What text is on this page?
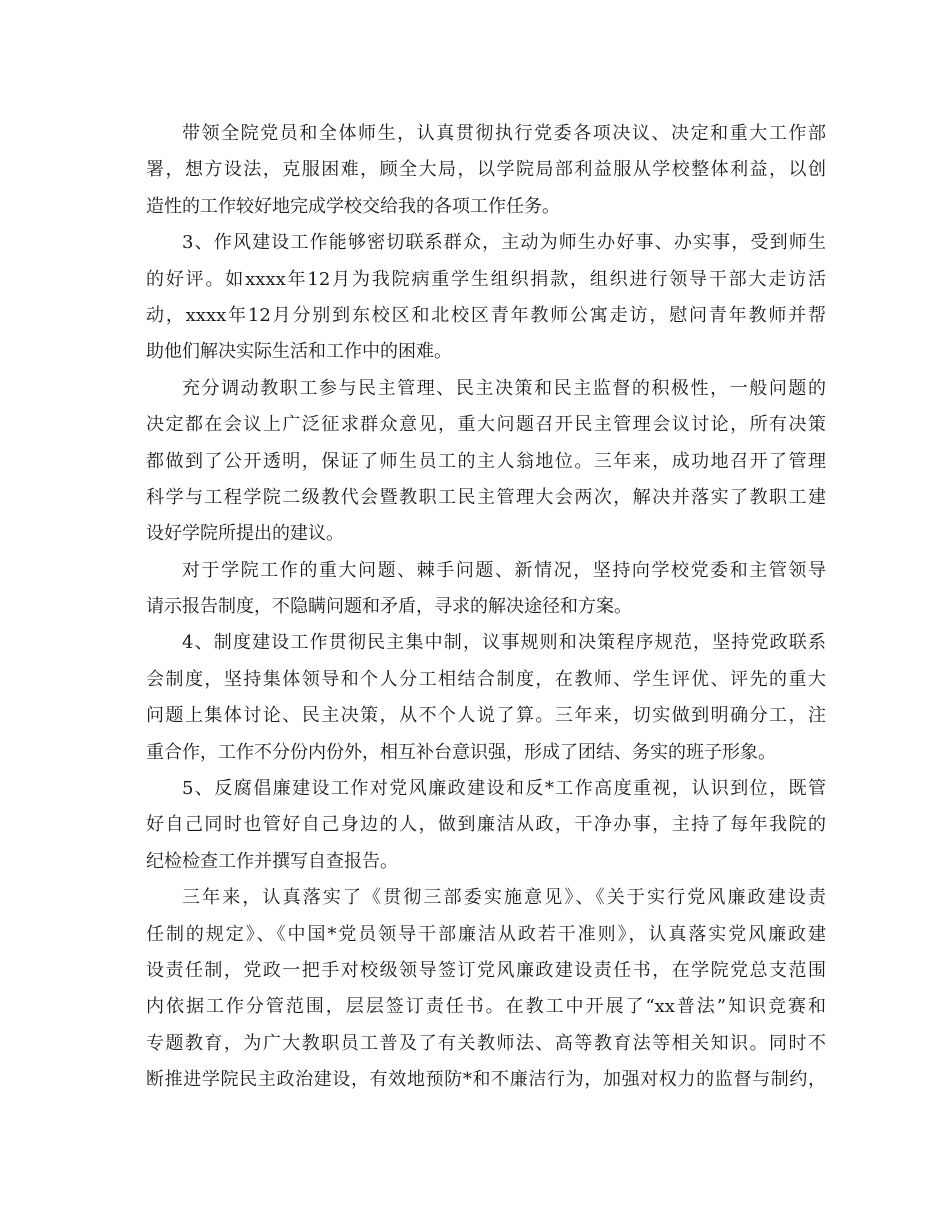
带领全院党员和全体师生，认真贯彻执行党委各项决议、决定和重大工作部
署，想方设法，克服困难，顾全大局，以学院局部利益服从学校整体利益，以创
造性的工作较好地完成学校交给我的各项工作任务。
3、作风建设工作能够密切联系群众，主动为师生办好事、办实事，受到师生
的好评。如xxxx年12月为我院病重学生组织捐款，组织进行领导干部大走访活
动，xxxx年12月分别到东校区和北校区青年教师公寓走访，慰问青年教师并帮
助他们解决实际生活和工作中的困难。
充分调动教职工参与民主管理、民主决策和民主监督的积极性，一般问题的
决定都在会议上广泛征求群众意见，重大问题召开民主管理会议讨论，所有决策
都做到了公开透明，保证了师生员工的主人翁地位。三年来，成功地召开了管理
科学与工程学院二级教代会暨教职工民主管理大会两次，解决并落实了教职工建
设好学院所提出的建议。
对于学院工作的重大问题、棘手问题、新情况，坚持向学校党委和主管领导
请示报告制度，不隐瞒问题和矛盾，寻求的解决途径和方案。
4、制度建设工作贯彻民主集中制，议事规则和决策程序规范，坚持党政联系
会制度，坚持集体领导和个人分工相结合制度，在教师、学生评优、评先的重大
问题上集体讨论、民主决策，从不个人说了算。三年来，切实做到明确分工，注
重合作，工作不分份内份外，相互补台意识强，形成了团结、务实的班子形象。
5、反腐倡廉建设工作对党风廉政建设和反*工作高度重视，认识到位，既管
好自己同时也管好自己身边的人，做到廉洁从政，干净办事，主持了每年我院的
纪检检查工作并撰写自查报告。
三年来，认真落实了《贯彻三部委实施意见》、《关于实行党风廉政建设责
任制的规定》、《中国*党员领导干部廉洁从政若干准则》，认真落实党风廉政建
设责任制，党政一把手对校级领导签订党风廉政建设责任书，在学院党总支范围
内依据工作分管范围，层层签订责任书。在教工中开展了“xx普法”知识竞赛和
专题教育，为广大教职员工普及了有关教师法、高等教育法等相关知识。同时不
断推进学院民主政治建设，有效地预防*和不廉洁行为，加强对权力的监督与制约，
